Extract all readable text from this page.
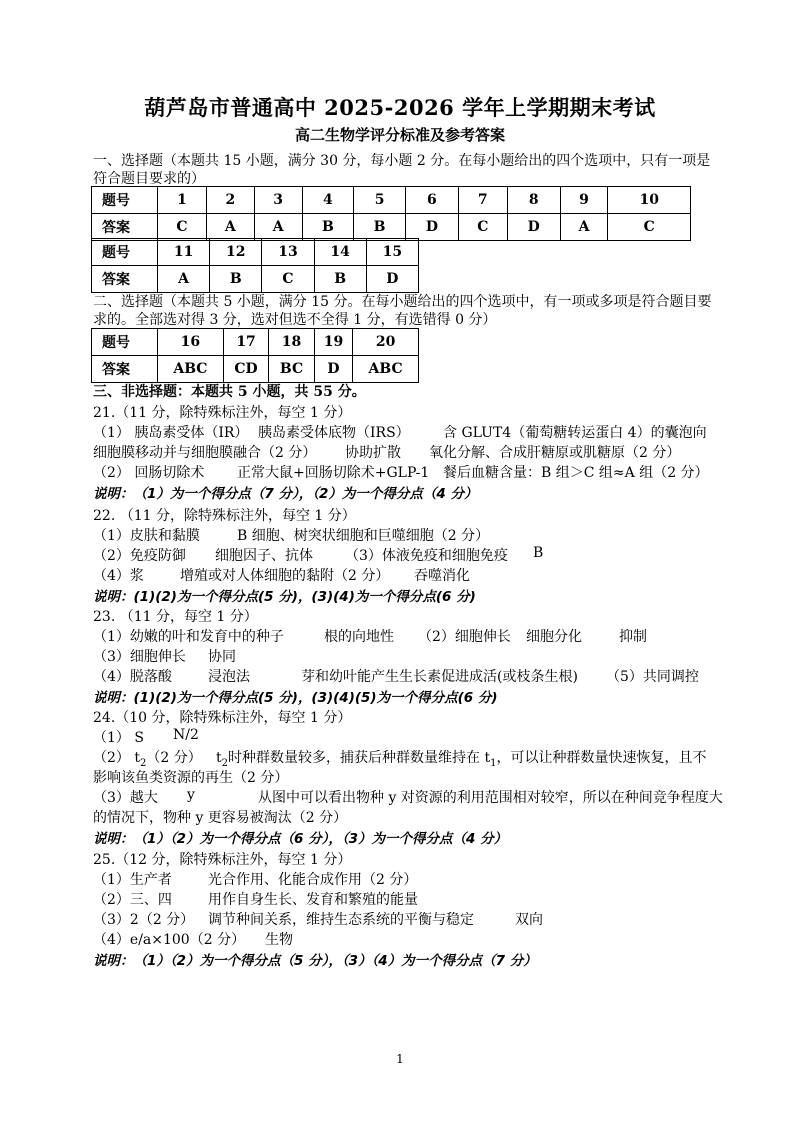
葫芦岛市普通高中 2025-2026 学年上学期期末考试
高二生物学评分标准及参考答案
一、选择题（本题共 15 小题，满分 30 分，每小题 2 分。在每小题给出的四个选项中，只有一项是
符合题目要求的）
题号	1	2	3	4	5	6	7	8	9	10
答案	C	A	A	B	B	D	C	D	A	C
题号	11	12	13	14	15
答案	A	B	C	B	D
二、选择题（本题共 5 小题，满分 15 分。在每小题给出的四个选项中，有一项或多项是符合题目要
求的。全部选对得 3 分，选对但选不全得 1 分，有选错得 0 分）
题号	16	17	18	19	20
答案	ABC	CD	BC	D	ABC
三、非选择题：本题共 5 小题，共 55 分。
21.（11 分，除特殊标注外，每空 1 分）
（1） 胰岛素受体（IR） 胰岛素受体底物（IRS） 含 GLUT4（葡萄糖转运蛋白 4）的囊泡向
细胞膜移动并与细胞膜融合（2 分） 协助扩散 氧化分解、合成肝糖原或肌糖原（2 分）
（2） 回肠切除术 正常大鼠+回肠切除术+GLP-1 餐后血糖含量：B 组＞C 组≈A 组（2 分）
说明：（1）为一个得分点（7 分），（2）为一个得分点（4 分）
22. （11 分，除特殊标注外，每空 1 分）
（1）皮肤和黏膜	B 细胞、树突状细胞和巨噬细胞（2 分）
（2）免疫防御 细胞因子、抗体 （3）体液免疫和细胞免疫 B
（4）浆	增殖或对人体细胞的黏附（2 分） 吞噬消化
说明：(1)(2)为一个得分点(5 分)，(3)(4)为一个得分点(6 分)
23. （11 分，每空 1 分）
（1）幼嫩的叶和发育中的种子	根的向地性 （2）细胞伸长 细胞分化	抑制
（3）细胞伸长 协同
（4）脱落酸	浸泡法	芽和幼叶能产生生长素促进成活(或枝条生根) （5）共同调控
说明：(1)(2)为一个得分点(5 分)，(3)(4)(5)为一个得分点(6 分)
24.（10 分，除特殊标注外，每空 1 分）
（1） S N/2
（2） $t_2(2$ 分） $t_2$时种群数量较多，捕获后种群数量维持在 $t_1$，可以让种群数量快速恢复，且不
影响该鱼类资源的再生（2 分）
（3）越大 y	从图中可以看出物种 y 对资源的利用范围相对较窄，所以在种间竞争程度大
的情况下，物种 y 更容易被淘汰（2 分）
说明：（1）（2）为一个得分点（6 分），（3）为一个得分点（4 分）
25.（12 分，除特殊标注外，每空 1 分）
（1）生产者	光合作用、化能合成作用（2 分）
（2）三、四	用作自身生长、发育和繁殖的能量
（3）2（2 分） 调节种间关系，维持生态系统的平衡与稳定	双向
（4）e/a×100（2 分） 生物
说明：（1）（2）为一个得分点（5 分），（3）（4）为一个得分点（7 分）
1
